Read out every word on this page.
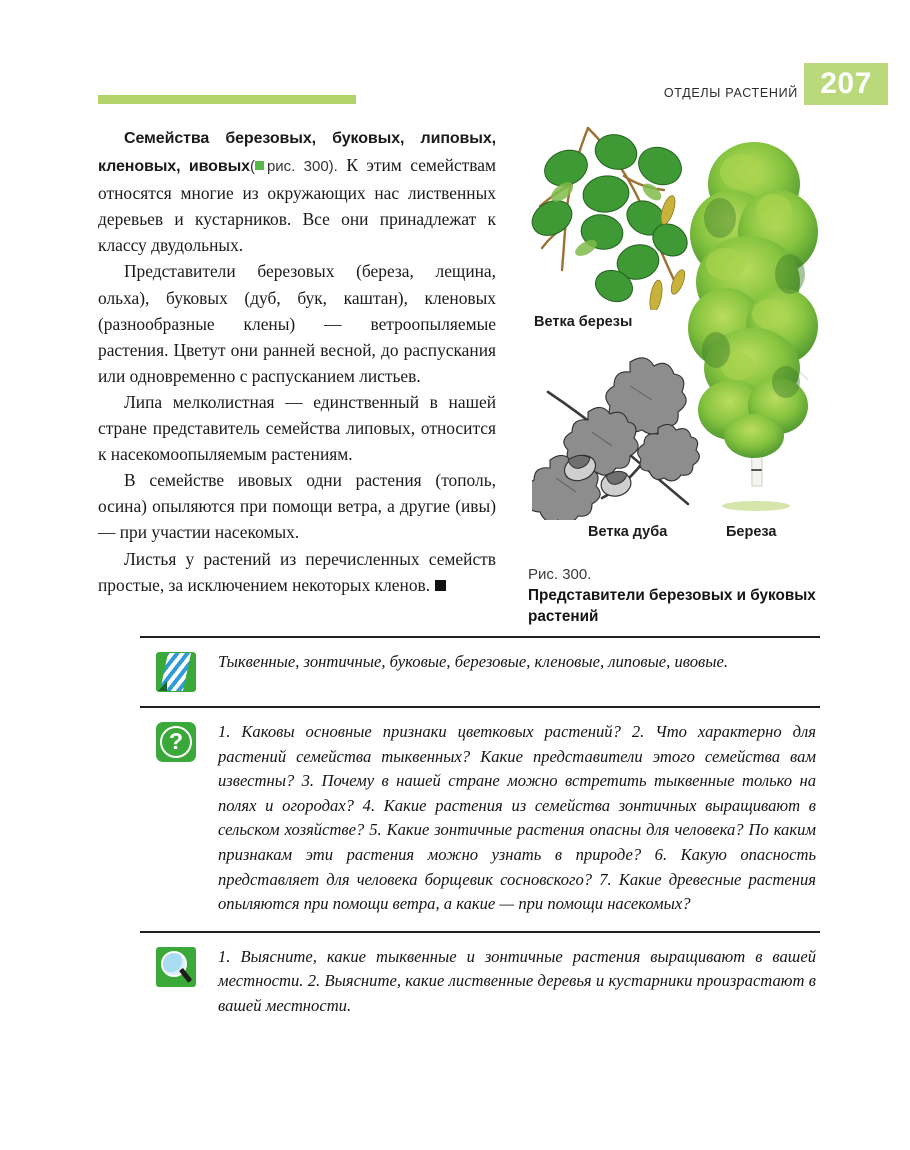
ОТДЕЛЫ РАСТЕНИЙ 207

Семейства березовых, буковых, липовых, кленовых, ивовых( рис. 300). К этим семействам относятся многие из окружающих нас лиственных деревьев и кустарников. Все они принадлежат к классу двудольных.

Представители березовых (береза, лещина, ольха), буковых (дуб, бук, каштан), кленовых (разнообразные клены) — ветроопыляемые растения. Цветут они ранней весной, до распускания или одновременно с распусканием листьев.

Липа мелколистная — единственный в нашей стране представитель семейства липовых, относится к насекомоопыляемым растениям.

В семействе ивовых одни растения (тополь, осина) опыляются при помощи ветра, а другие (ивы) — при участии насекомых.

Листья у растений из перечисленных семейств простые, за исключением некоторых кленов.

Ветка березы
Ветка дуба	Береза
Рис. 300.
Представители березовых и буковых растений
Тыквенные, зонтичные, буковые, березовые, кленовые, липовые, ивовые.
?	1. Каковы основные признаки цветковых растений? 2. Что характерно для растений семейства тыквенных? Какие представители этого семейства вам известны? 3. Почему в нашей стране можно встретить тыквенные только на полях и огородах? 4. Какие растения из семейства зонтичных выращивают в сельском хозяйстве? 5. Какие зонтичные растения опасны для человека? По каким признакам эти растения можно узнать в природе? 6. Какую опасность представляет для человека борщевик сосновского? 7. Какие древесные растения опыляются при помощи ветра, а какие — при помощи насекомых?
1. Выясните, какие тыквенные и зонтичные растения выращивают в вашей местности. 2. Выясните, какие лиственные деревья и кустарники произрастают в вашей местности.
